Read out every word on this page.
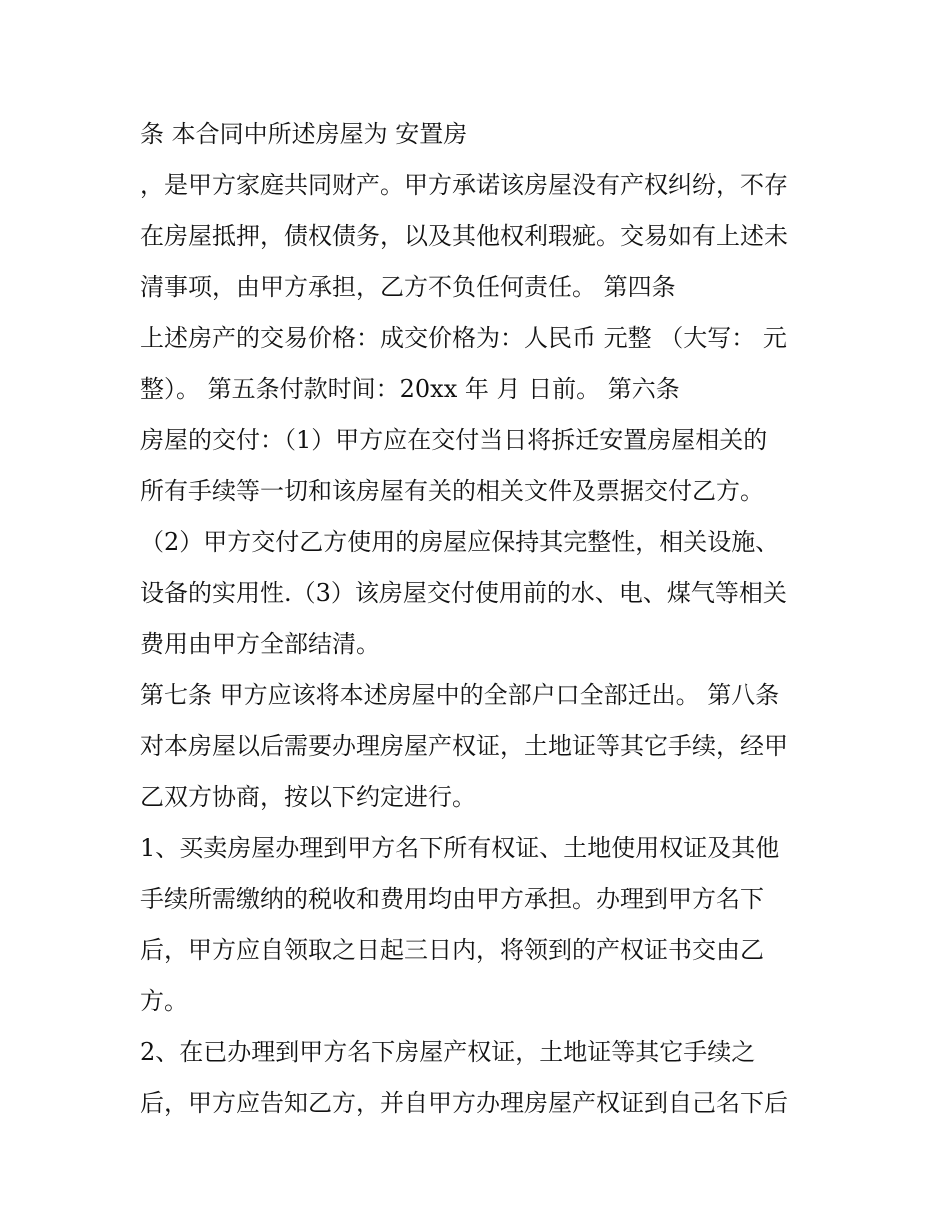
条 本合同中所述房屋为 安置房
，是甲方家庭共同财产。甲方承诺该房屋没有产权纠纷，不存
在房屋抵押，债权债务，以及其他权利瑕疵。交易如有上述未
清事项，由甲方承担，乙方不负任何责任。 第四条
上述房产的交易价格：成交价格为：人民币 元整 （大写： 元
整）。 第五条付款时间：20xx 年 月 日前。 第六条
房屋的交付：（1）甲方应在交付当日将拆迁安置房屋相关的
所有手续等一切和该房屋有关的相关文件及票据交付乙方。
（2）甲方交付乙方使用的房屋应保持其完整性，相关设施、
设备的实用性.（3）该房屋交付使用前的水、电、煤气等相关
费用由甲方全部结清。
第七条 甲方应该将本述房屋中的全部户口全部迁出。 第八条
对本房屋以后需要办理房屋产权证，土地证等其它手续，经甲
乙双方协商，按以下约定进行。
1、买卖房屋办理到甲方名下所有权证、土地使用权证及其他
手续所需缴纳的税收和费用均由甲方承担。办理到甲方名下
后，甲方应自领取之日起三日内，将领到的产权证书交由乙
方。
2、在已办理到甲方名下房屋产权证，土地证等其它手续之
后，甲方应告知乙方，并自甲方办理房屋产权证到自己名下后
